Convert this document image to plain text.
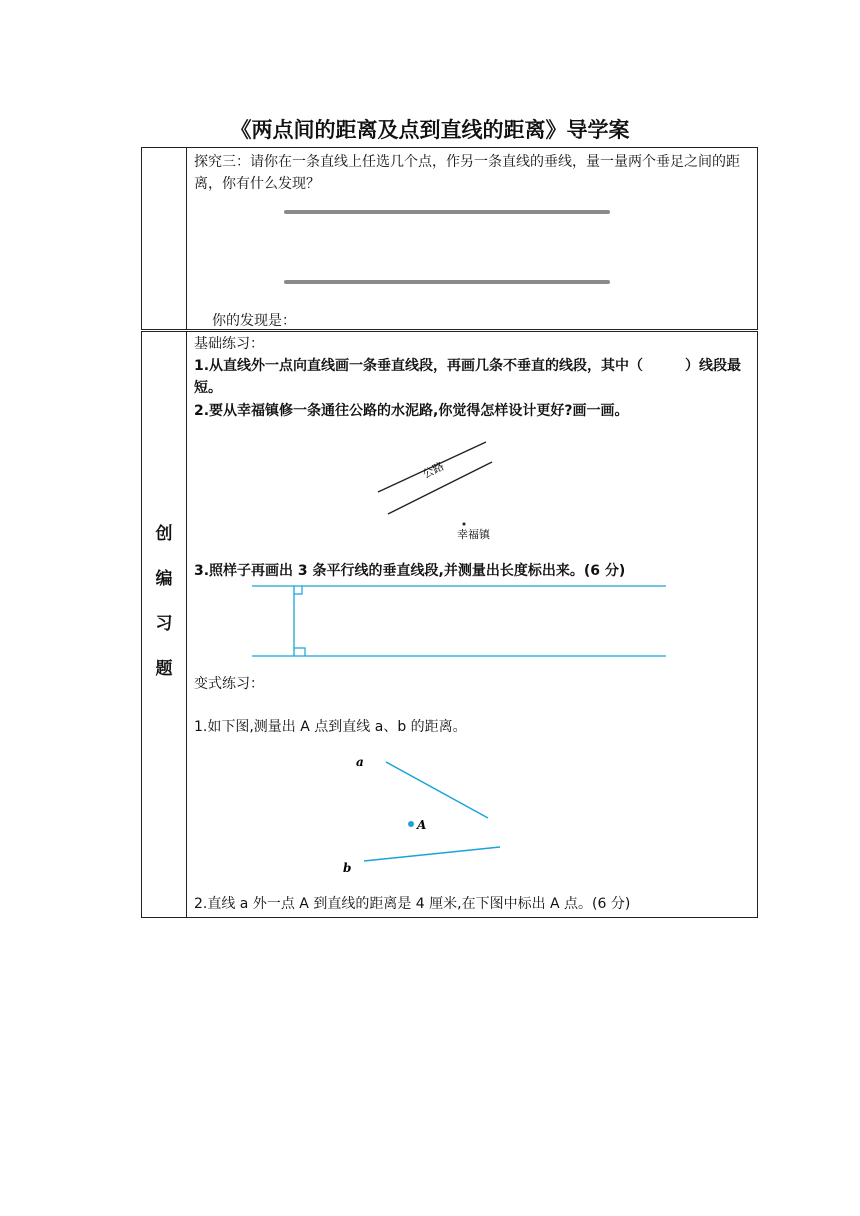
《两点间的距离及点到直线的距离》导学案
探究三：请你在一条直线上任选几个点，作另一条直线的垂线，量一量两个垂足之间的距离，你有什么发现？
你的发现是：
创
编
习
题
基础练习：
1.从直线外一点向直线画一条垂直线段，再画几条不垂直的线段，其中（　　　）线段最短。
2.要从幸福镇修一条通往公路的水泥路,你觉得怎样设计更好?画一画。
公路
幸福镇
3.照样子再画出 3 条平行线的垂直线段,并测量出长度标出来。(6 分)
变式练习：
1.如下图,测量出 A 点到直线 a、b 的距离。
a
A
b
2.直线 a 外一点 A 到直线的距离是 4 厘米,在下图中标出 A 点。(6 分)
